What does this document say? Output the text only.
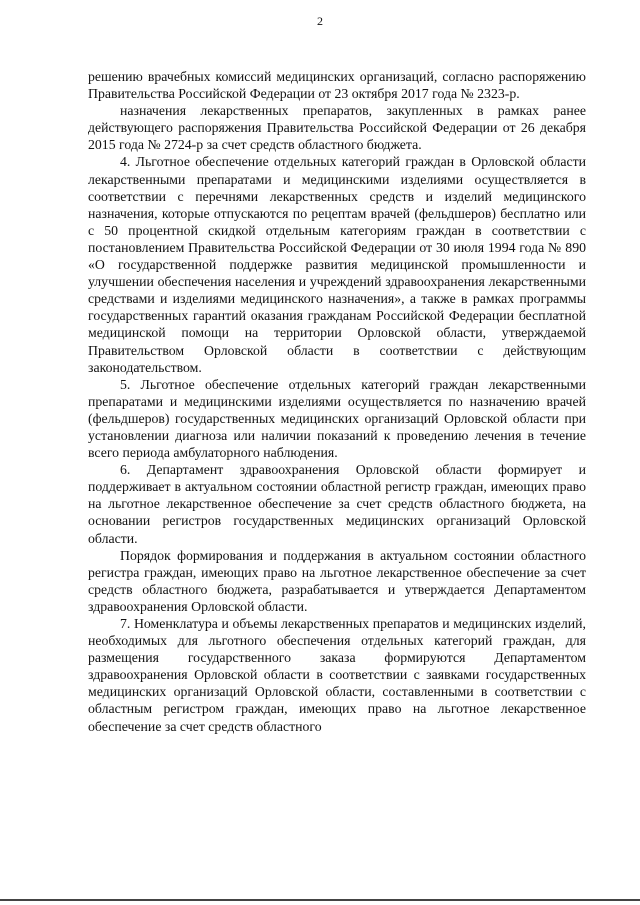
2

решению врачебных комиссий медицинских организаций, согласно распоряжению Правительства Российской Федерации от 23 октября 2017 года № 2323-р.

назначения лекарственных препаратов, закупленных в рамках ранее действующего распоряжения Правительства Российской Федерации от 26 декабря 2015 года № 2724-р за счет средств областного бюджета.

4. Льготное обеспечение отдельных категорий граждан в Орловской области лекарственными препаратами и медицинскими изделиями осуществляется в соответствии с перечнями лекарственных средств и изделий медицинского назначения, которые отпускаются по рецептам врачей (фельдшеров) бесплатно или с 50 процентной скидкой отдельным категориям граждан в соответствии с постановлением Правительства Российской Федерации от 30 июля 1994 года № 890 «О государственной поддержке развития медицинской промышленности и улучшении обеспечения населения и учреждений здравоохранения лекарственными средствами и изделиями медицинского назначения», а также в рамках программы государственных гарантий оказания гражданам Российской Федерации бесплатной медицинской помощи на территории Орловской области, утверждаемой Правительством Орловской области в соответствии с действующим законодательством.

5. Льготное обеспечение отдельных категорий граждан лекарственными препаратами и медицинскими изделиями осуществляется по назначению врачей (фельдшеров) государственных медицинских организаций Орловской области при установлении диагноза или наличии показаний к проведению лечения в течение всего периода амбулаторного наблюдения.

6. Департамент здравоохранения Орловской области формирует и поддерживает в актуальном состоянии областной регистр граждан, имеющих право на льготное лекарственное обеспечение за счет средств областного бюджета, на основании регистров государственных медицинских организаций Орловской области.

Порядок формирования и поддержания в актуальном состоянии областного регистра граждан, имеющих право на льготное лекарственное обеспечение за счет средств областного бюджета, разрабатывается и утверждается Департаментом здравоохранения Орловской области.

7. Номенклатура и объемы лекарственных препаратов и медицинских изделий, необходимых для льготного обеспечения отдельных категорий граждан, для размещения государственного заказа формируются Департаментом здравоохранения Орловской области в соответствии с заявками государственных медицинских организаций Орловской области, составленными в соответствии с областным регистром граждан, имеющих право на льготное лекарственное обеспечение за счет средств областного
